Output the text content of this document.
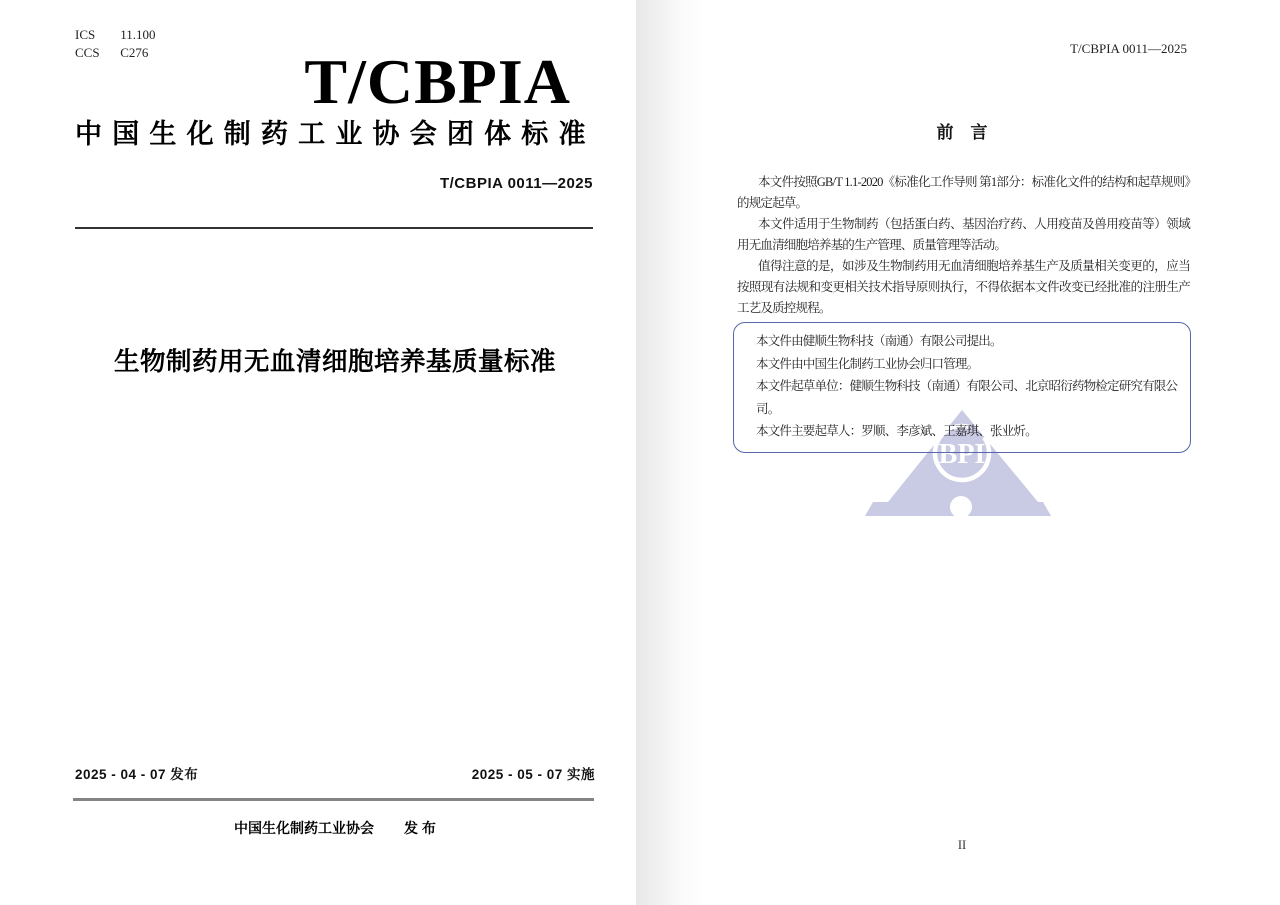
ICS 11.100
CCS C276	T/CBPIA
中国生化制药工业协会团体标准
T/CBPIA 0011—2025
生物制药用无血清细胞培养基质量标准
2025 - 04 - 07 发布	2025 - 05 - 07 实施
中国生化制药工业协会 发 布
T/CBPIA 0011—2025
前　言

本文件按照GB/T 1.1-2020《标准化工作导则 第1部分：标准化文件的结构和起草规则》的规定起草。

本文件适用于生物制药（包括蛋白药、基因治疗药、人用疫苗及兽用疫苗等）领域用无血清细胞培养基的生产管理、质量管理等活动。

值得注意的是，如涉及生物制药用无血清细胞培养基生产及质量相关变更的，应当按照现有法规和变更相关技术指导原则执行，不得依据本文件改变已经批准的注册生产工艺及质控规程。

BPI

本文件由健顺生物科技（南通）有限公司提出。

本文件由中国生化制药工业协会归口管理。

本文件起草单位：健顺生物科技（南通）有限公司、北京昭衍药物检定研究有限公司。

本文件主要起草人：罗顺、李彦斌、王嘉琪、张业炘。

II
